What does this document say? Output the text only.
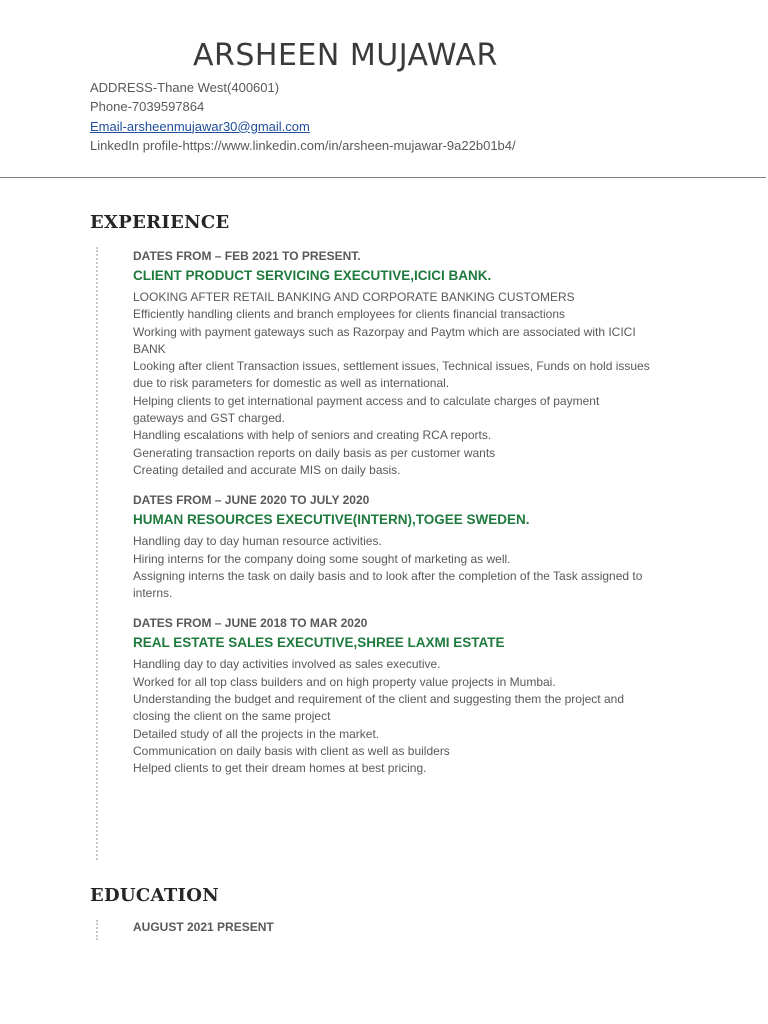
ARSHEEN MUJAWAR
ADDRESS-Thane West(400601)
Phone-7039597864
Email-arsheenmujawar30@gmail.com
LinkedIn profile-https://www.linkedin.com/in/arsheen-mujawar-9a22b01b4/
EXPERIENCE
DATES FROM – FEB 2021 TO PRESENT.
CLIENT PRODUCT SERVICING EXECUTIVE,ICICI BANK.
LOOKING AFTER RETAIL BANKING AND CORPORATE BANKING CUSTOMERS
Efficiently handling clients and branch employees for clients financial transactions
Working with payment gateways such as Razorpay and Paytm which are associated with ICICI
BANK
Looking after client Transaction issues, settlement issues, Technical issues, Funds on hold issues
due to risk parameters for domestic as well as international.
Helping clients to get international payment access and to calculate charges of payment
gateways and GST charged.
Handling escalations with help of seniors and creating RCA reports.
Generating transaction reports on daily basis as per customer wants
Creating detailed and accurate MIS on daily basis.
DATES FROM – JUNE 2020 TO JULY 2020
HUMAN RESOURCES EXECUTIVE(INTERN),TOGEE SWEDEN.
Handling day to day human resource activities.
Hiring interns for the company doing some sought of marketing as well.
Assigning interns the task on daily basis and to look after the completion of the Task assigned to
interns.
DATES FROM – JUNE 2018 TO MAR 2020
REAL ESTATE SALES EXECUTIVE,SHREE LAXMI ESTATE
Handling day to day activities involved as sales executive.
Worked for all top class builders and on high property value projects in Mumbai.
Understanding the budget and requirement of the client and suggesting them the project and
closing the client on the same project
Detailed study of all the projects in the market.
Communication on daily basis with client as well as builders
Helped clients to get their dream homes at best pricing.
EDUCATION
AUGUST 2021 PRESENT
